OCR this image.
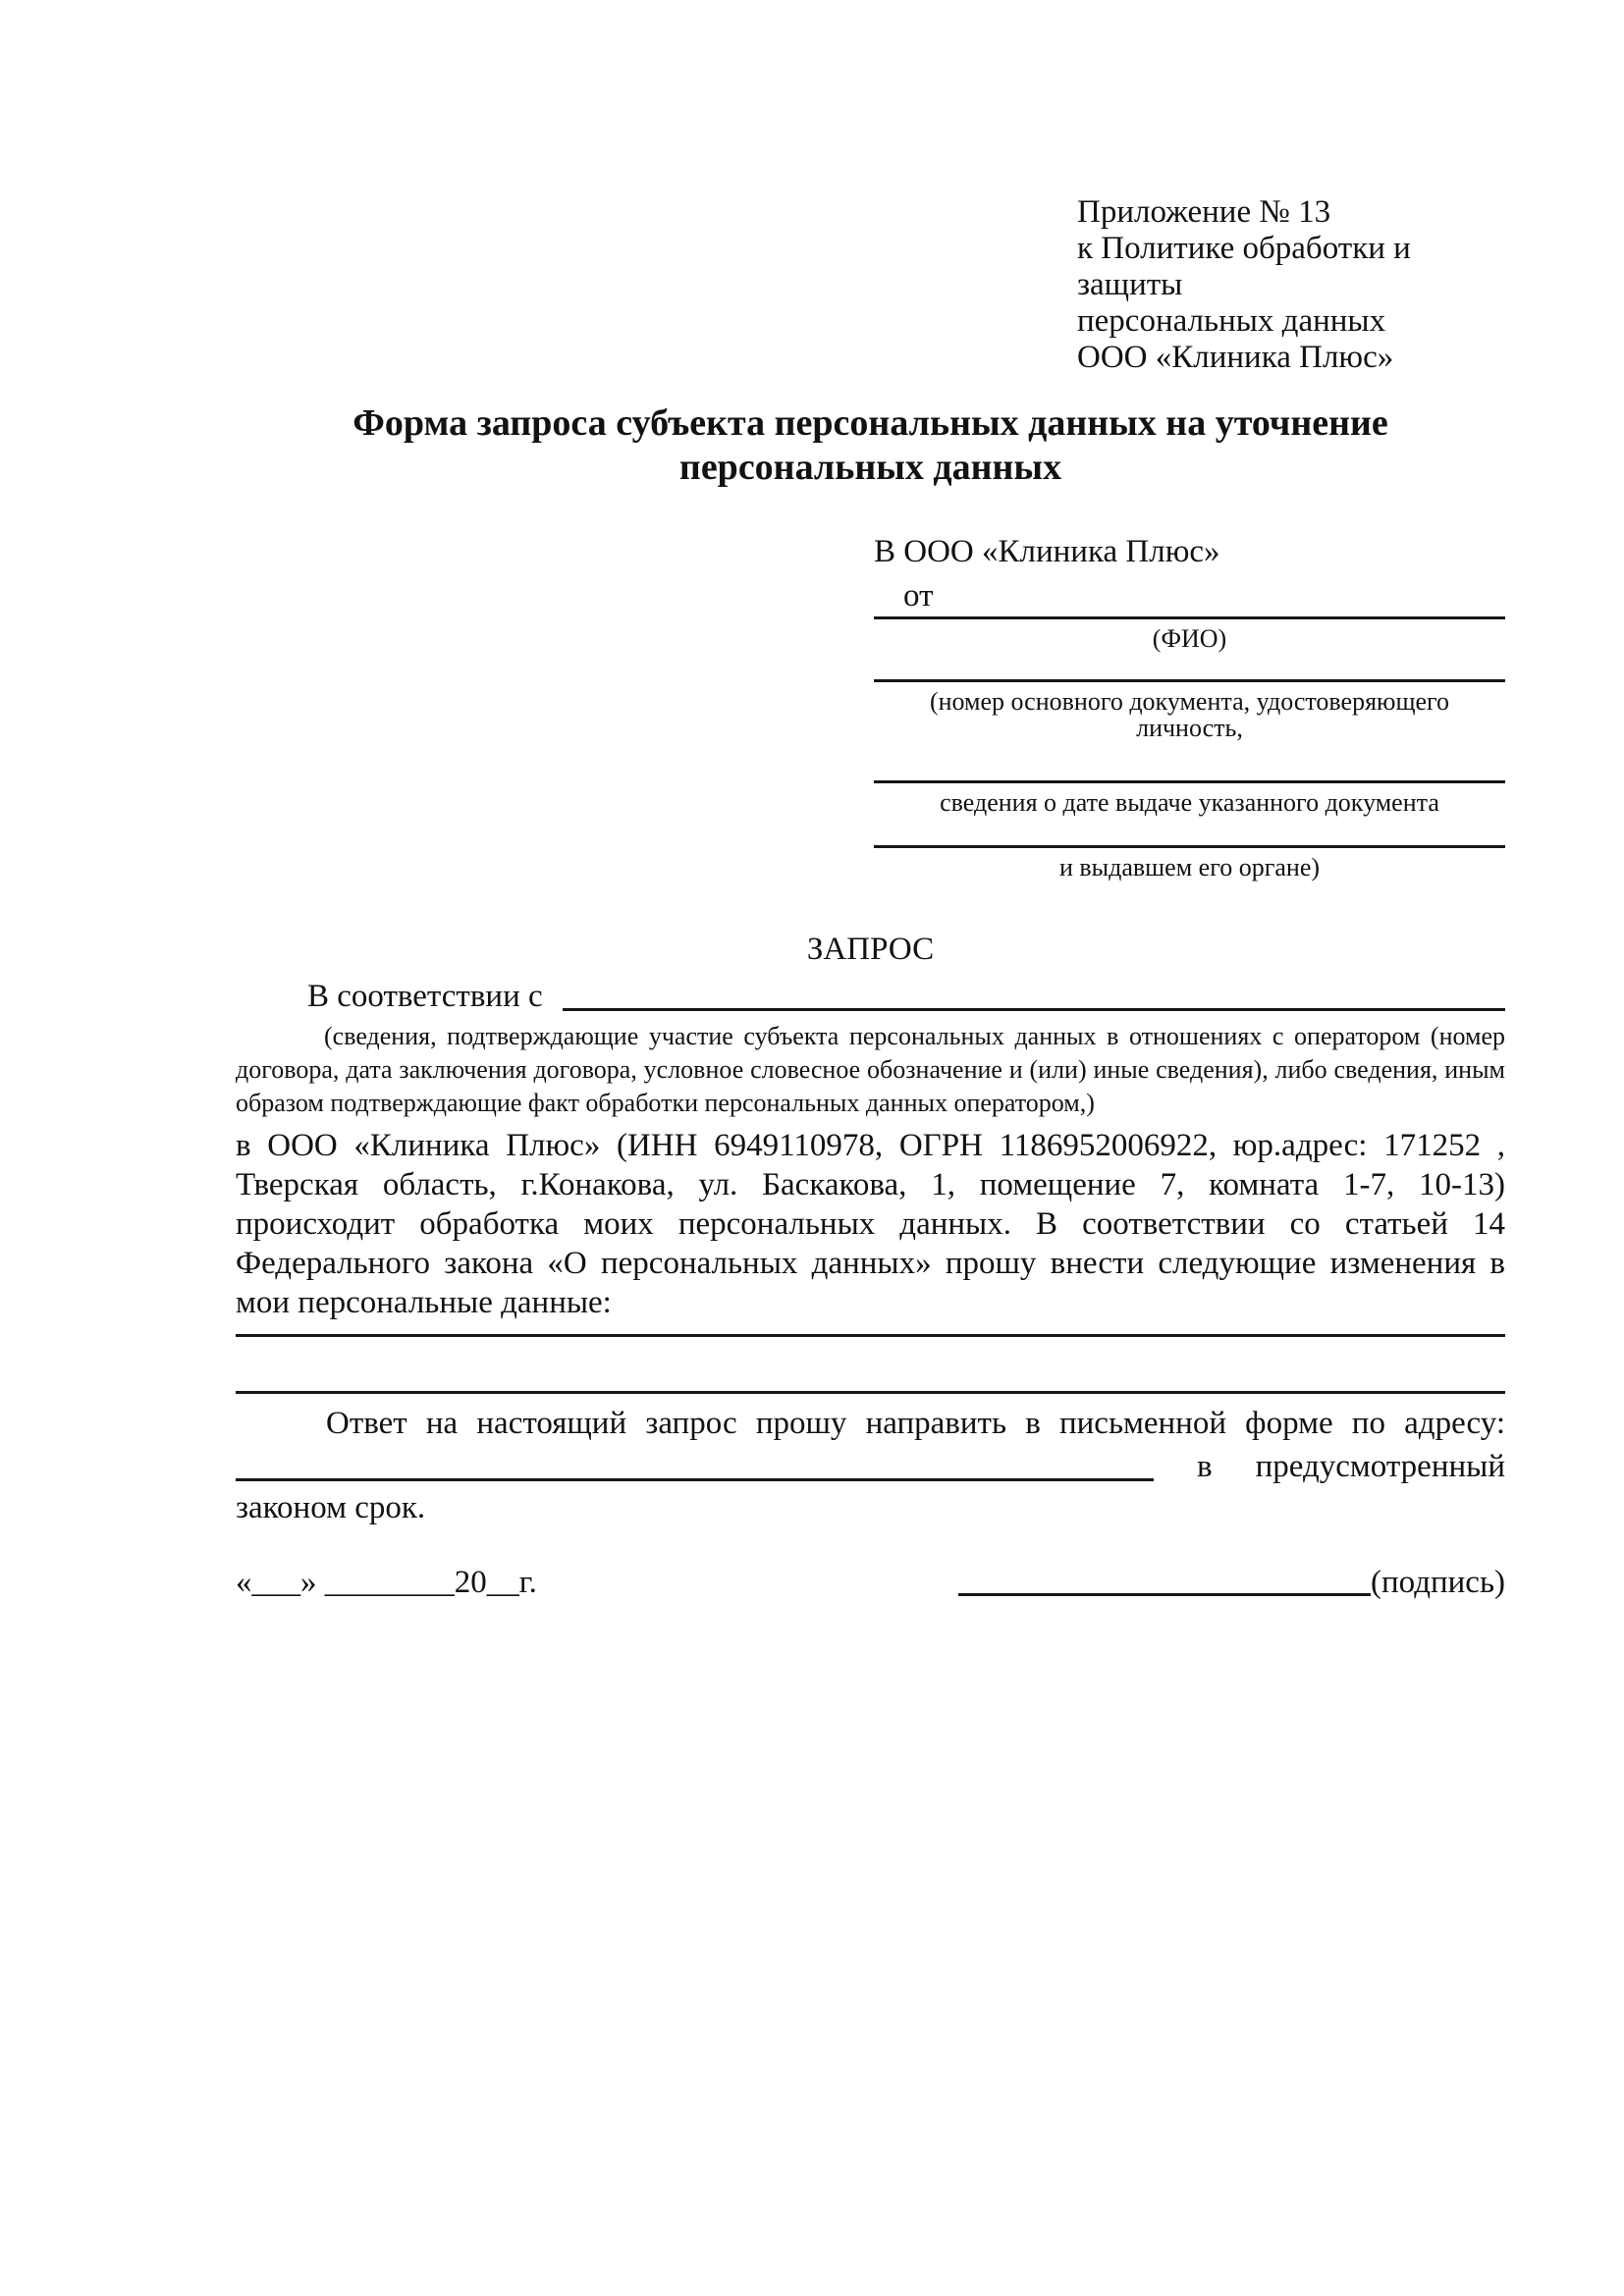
Приложение № 13
к Политике обработки и защиты
персональных данных
ООО «Клиника Плюс»
Форма запроса субъекта персональных данных на уточнение
персональных данных
В ООО «Клиника Плюс»
от
(ФИО)
(номер основного документа, удостоверяющего личность,
сведения о дате выдаче указанного документа
и выдавшем его органе)
ЗАПРОС
В соответствии с

(сведения, подтверждающие участие субъекта персональных данных в отношениях с оператором (номер договора, дата заключения договора, условное словесное обозначение и (или) иные сведения), либо сведения, иным образом подтверждающие факт обработки персональных данных оператором,)

в ООО «Клиника Плюс» (ИНН 6949110978, ОГРН 1186952006922, юр.адрес: 171252 , Тверская область, г.Конакова, ул. Баскакова, 1, помещение 7, комната 1-7, 10-13) происходит обработка моих персональных данных. В соответствии со статьей 14 Федерального закона «О персональных данных» прошу внести следующие изменения в мои персональные данные:

Ответ на настоящий запрос прошу направить в письменной форме по адресу:

в предусмотренный

законом срок.

«___» ________20__г.	(подпись)
